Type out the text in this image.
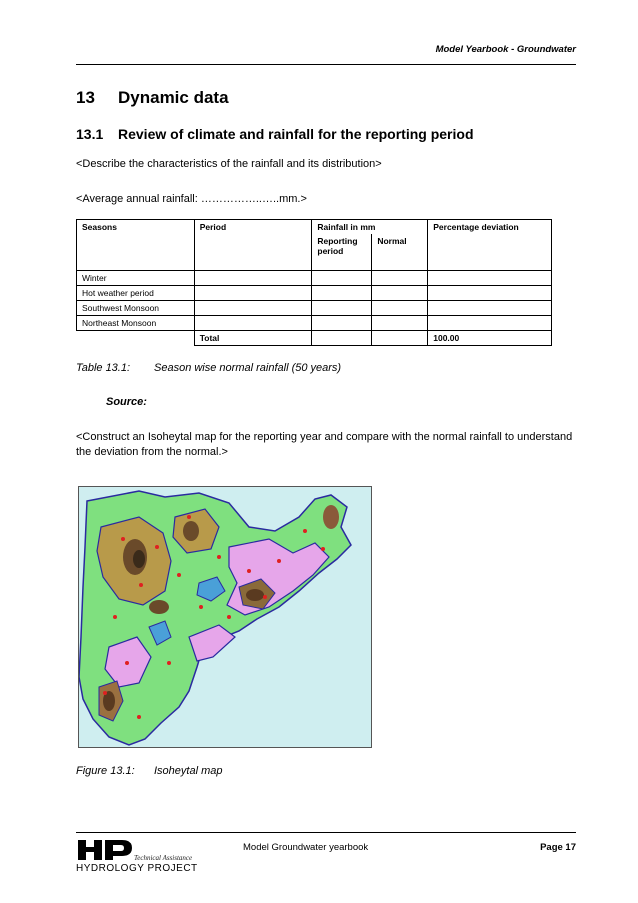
Model Yearbook - Groundwater
13 Dynamic data
13.1 Review of climate and rainfall for the reporting period
<Describe the characteristics of the rainfall and its distribution>
<Average annual rainfall: ……………..…..mm.>
Seasons	Period	Rainfall in mm		Percentage deviation
		Reporting period	Normal	
Winter				
Hot weather period				
Southwest Monsoon				
Northeast Monsoon				
	Total			100.00
Table 13.1: Season wise normal rainfall (50 years)
Source:
<Construct an Isoheytal map for the reporting year and compare with the normal rainfall to understand the deviation from the normal.>
Figure 13.1: Isoheytal map
Technical Assistance
HYDROLOGY PROJECT
Model Groundwater yearbook	Page 17
